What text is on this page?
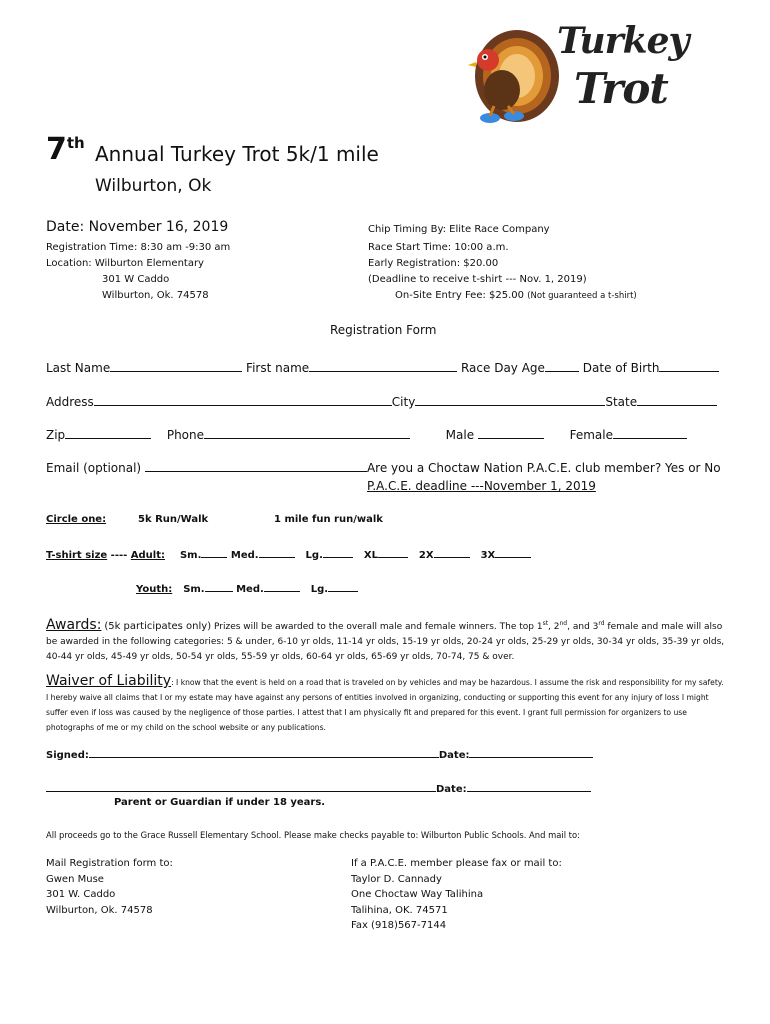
Turkey
Trot
7th Annual Turkey Trot 5k/1 mile
Wilburton, Ok
Date: November 16, 2019
Registration Time: 8:30 am -9:30 am
Location: Wilburton Elementary
301 W Caddo
Wilburton, Ok. 74578
Chip Timing By: Elite Race Company
Race Start Time: 10:00 a.m.
Early Registration: $20.00
(Deadline to receive t-shirt --- Nov. 1, 2019)
On-Site Entry Fee: $25.00 (Not guaranteed a t-shirt)
Registration Form
Last Name	First name	Race Day Age	Date of Birth
Address	City	State
Zip	Phone	Male	Female
Email (optional)	Are you a Choctaw Nation P.A.C.E. club member? Yes or No
P.A.C.E. deadline ---November 1, 2019
Circle one:	5k Run/Walk	1 mile fun run/walk
T-shirt size ---- Adult: Sm.	Med.	Lg.	XL	2X	3X
Youth: Sm.	Med.	Lg.
Awards: (5k participates only) Prizes will be awarded to the overall male and female winners. The top 1st, 2nd, and 3rd female and male will also be awarded in the following categories: 5 & under, 6-10 yr olds, 11-14 yr olds, 15-19 yr olds, 20-24 yr olds, 25-29 yr olds, 30-34 yr olds, 35-39 yr olds, 40-44 yr olds, 45-49 yr olds, 50-54 yr olds, 55-59 yr olds, 60-64 yr olds, 65-69 yr olds, 70-74, 75 & over.
Waiver of Liability: I know that the event is held on a road that is traveled on by vehicles and may be hazardous. I assume the risk and responsibility for my safety. I hereby waive all claims that I or my estate may have against any persons of entities involved in organizing, conducting or supporting this event for any injury of loss I might suffer even if loss was caused by the negligence of those parties. I attest that I am physically fit and prepared for this event. I grant full permission for organizers to use photographs of me or my child on the school website or any publications.
Signed:	Date:
Date:
Parent or Guardian if under 18 years.
All proceeds go to the Grace Russell Elementary School. Please make checks payable to: Wilburton Public Schools. And mail to:
Mail Registration form to:
Gwen Muse
301 W. Caddo
Wilburton, Ok. 74578
If a P.A.C.E. member please fax or mail to:
Taylor D. Cannady
One Choctaw Way Talihina
Talihina, OK. 74571
Fax (918)567-7144
